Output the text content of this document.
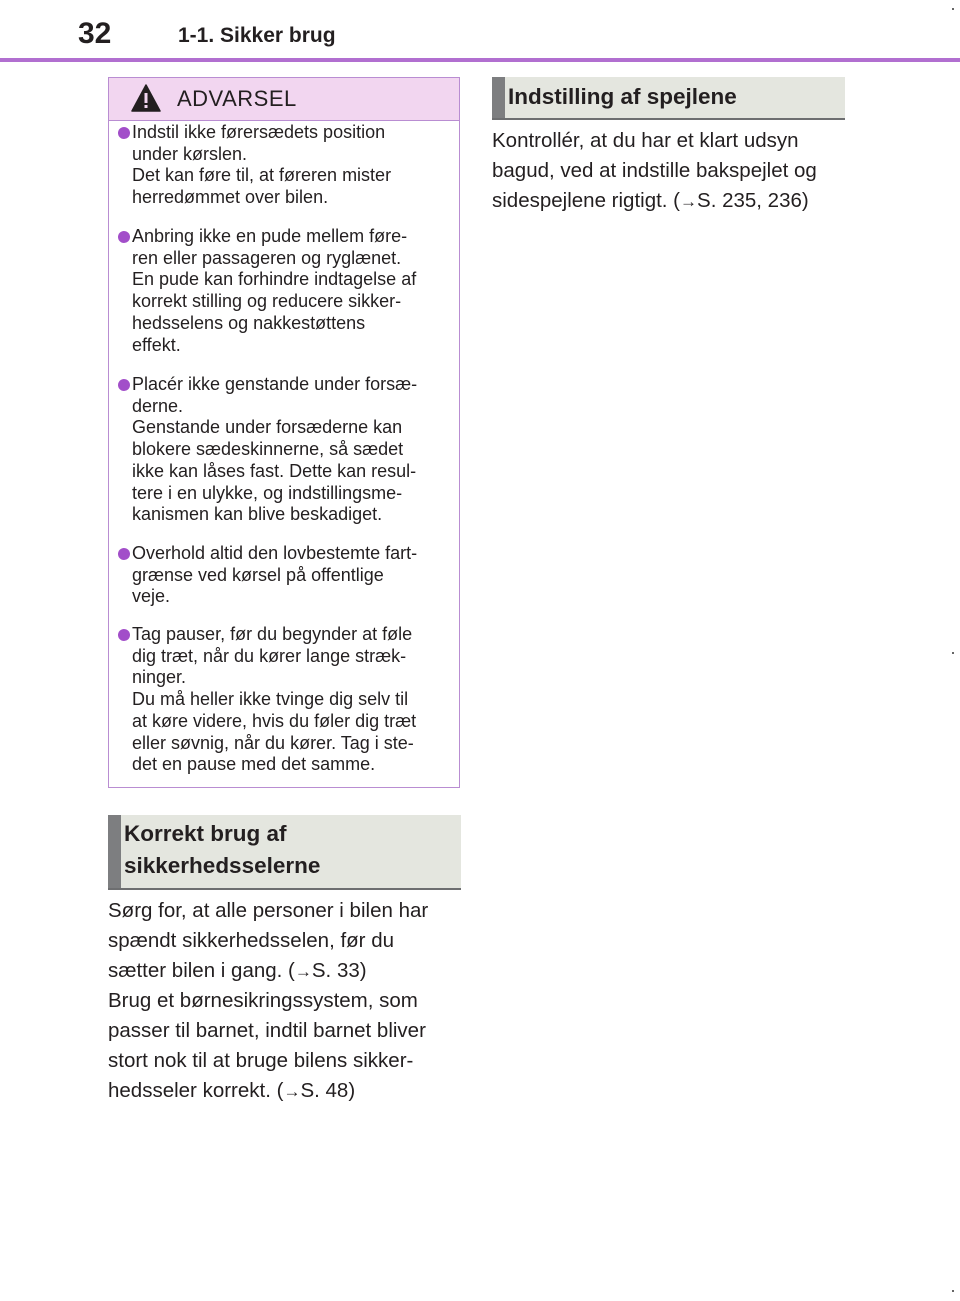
32	1-1. Sikker brug
ADVARSEL
Indstil ikke førersædets position
under kørslen.
Det kan føre til, at føreren mister
herredømmet over bilen.
Anbring ikke en pude mellem føre-
ren eller passageren og ryglænet.
En pude kan forhindre indtagelse af
korrekt stilling og reducere sikker-
hedsselens og nakkestøttens
effekt.
Placér ikke genstande under forsæ-
derne.
Genstande under forsæderne kan
blokere sædeskinnerne, så sædet
ikke kan låses fast. Dette kan resul-
tere i en ulykke, og indstillingsme-
kanismen kan blive beskadiget.
Overhold altid den lovbestemte fart-
grænse ved kørsel på offentlige
veje.
Tag pauser, før du begynder at føle
dig træt, når du kører lange stræk-
ninger.
Du må heller ikke tvinge dig selv til
at køre videre, hvis du føler dig træt
eller søvnig, når du kører. Tag i ste-
det en pause med det samme.
Korrekt brug af
sikkerhedsselerne
Sørg for, at alle personer i bilen har
spændt sikkerhedsselen, før du
sætter bilen i gang. (→S. 33)
Brug et børnesikringssystem, som
passer til barnet, indtil barnet bliver
stort nok til at bruge bilens sikker-
hedsseler korrekt. (→S. 48)
Indstilling af spejlene
Kontrollér, at du har et klart udsyn
bagud, ved at indstille bakspejlet og
sidespejlene rigtigt. (→S. 235, 236)
